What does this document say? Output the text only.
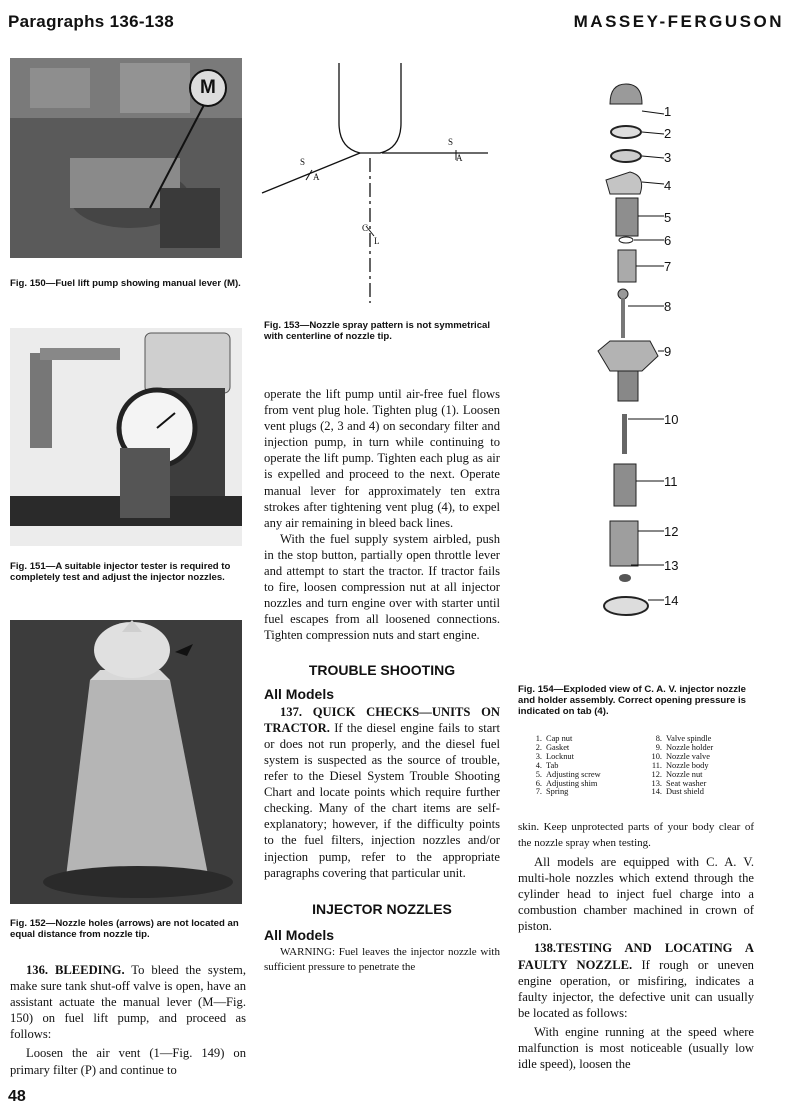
Paragraphs 136-138	MASSEY-FERGUSON
M
Fig. 150—Fuel lift pump showing manual lever (M).
Fig. 151—A suitable injector tester is required to completely test and adjust the injector nozzles.
Fig. 152—Nozzle holes (arrows) are not located an equal distance from nozzle tip.

136. BLEEDING. To bleed the system, make sure tank shut-off valve is open, have an assistant actuate the manual lever (M—Fig. 150) on fuel lift pump, and proceed as follows:

Loosen the air vent (1—Fig. 149) on primary filter (P) and continue to

S
A
S
A
C
L
Fig. 153—Nozzle spray pattern is not symmetrical with centerline of nozzle tip.

operate the lift pump until air-free fuel flows from vent plug hole. Tighten plug (1). Loosen vent plugs (2, 3 and 4) on secondary filter and injection pump, in turn while continuing to operate the lift pump. Tighten each plug as air is expelled and proceed to the next. Operate manual lever for approximately ten extra strokes after tightening vent plug (4), to expel any air remaining in bleed back lines.

With the fuel supply system airbled, push in the stop button, partially open throttle lever and attempt to start the tractor. If tractor fails to fire, loosen compression nut at all injector nozzles and turn engine over with starter until fuel escapes from all loosened connections. Tighten compression nuts and start engine.

TROUBLE SHOOTING
All Models

137. QUICK CHECKS—UNITS ON TRACTOR. If the diesel engine fails to start or does not run properly, and the diesel fuel system is suspected as the source of trouble, refer to the Diesel System Trouble Shooting Chart and locate points which require further checking. Many of the chart items are self-explanatory; however, if the difficulty points to the fuel filters, injection nozzles and/or injection pump, refer to the appropriate paragraphs covering that particular unit.

INJECTOR NOZZLES
All Models

WARNING: Fuel leaves the injector nozzle with sufficient pressure to penetrate the

1
2
3
4
5
6
7
8
9
10
11
12
13
14
Fig. 154—Exploded view of C. A. V. injector nozzle and holder assembly. Correct opening pressure is indicated on tab (4).
1. Cap nut
2. Gasket
3. Locknut
4. Tab
5. Adjusting screw
6. Adjusting shim
7. Spring
8. Valve spindle
9. Nozzle holder
10. Nozzle valve
11. Nozzle body
12. Nozzle nut
13. Seat washer
14. Dust shield

skin. Keep unprotected parts of your body clear of the nozzle spray when testing.

All models are equipped with C. A. V. multi-hole nozzles which extend through the cylinder head to inject fuel charge into a combustion chamber machined in crown of piston.

138.TESTING AND LOCATING A FAULTY NOZZLE. If rough or uneven engine operation, or misfiring, indicates a faulty injector, the defective unit can usually be located as follows:

With engine running at the speed where malfunction is most noticeable (usually low idle speed), loosen the

48
